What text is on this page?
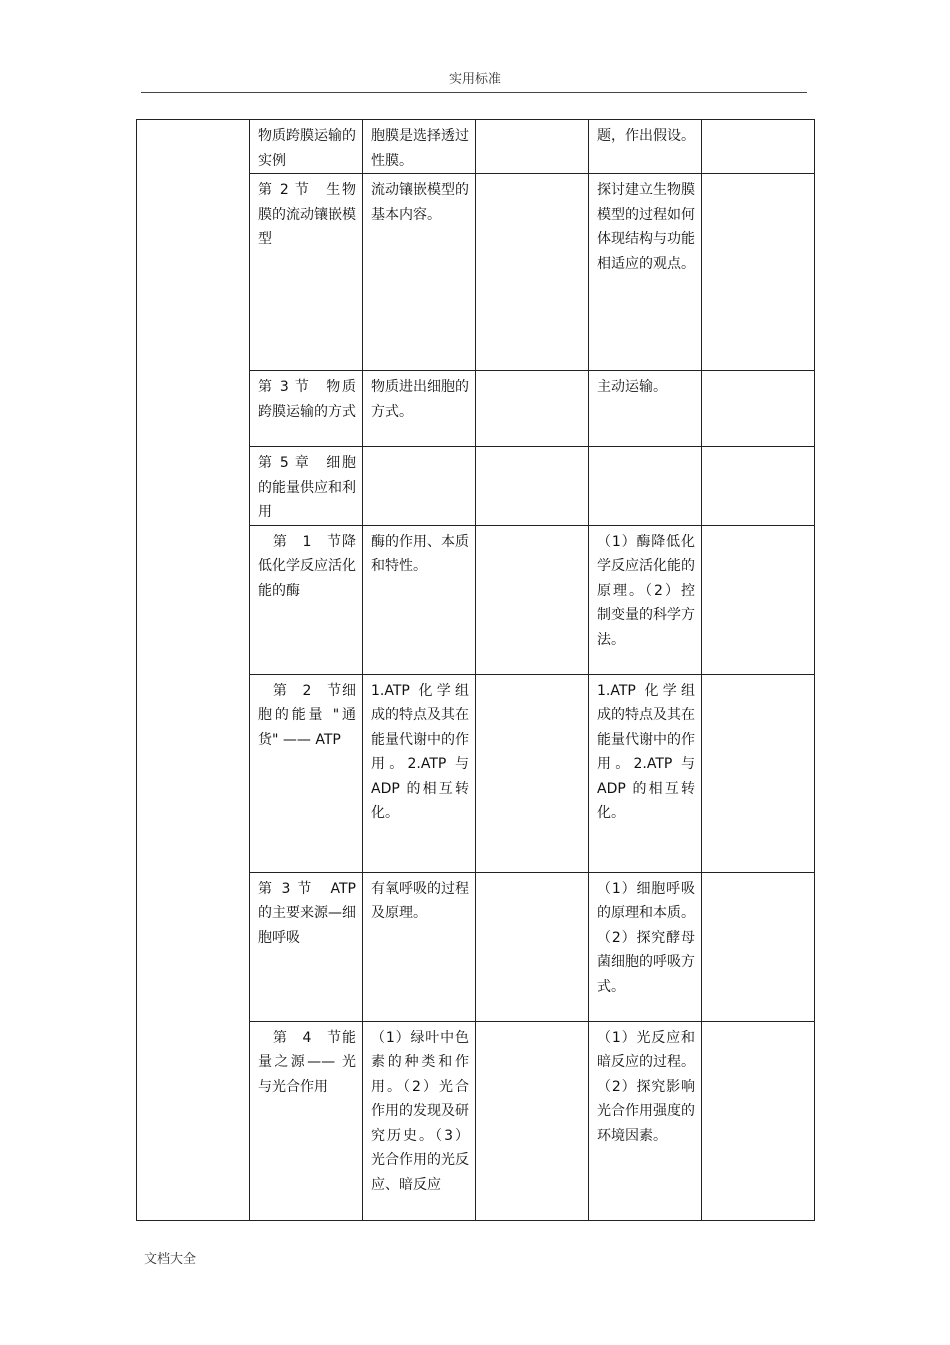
实用标准
	物质跨膜运输的实例	胞膜是选择透过性膜。		题，作出假设。	
	第 2 节　生物膜的流动镶嵌模型	流动镶嵌模型的基本内容。		探讨建立生物膜模型的过程如何体现结构与功能相适应的观点。	
	第 3 节　物质跨膜运输的方式	物质进出细胞的方式。		主动运输。	
	第 5 章　细胞的能量供应和利用				
	　第　1　节降低化学反应活化能的酶	酶的作用、本质和特性。		（1）酶降低化学反应活化能的原理。（2）控制变量的科学方法。	
	　第　2　节细胞的能量 "通货" —— ATP	1.ATP 化学组成的特点及其在能量代谢中的作用。2.ATP 与 ADP 的相互转化。		1.ATP 化学组成的特点及其在能量代谢中的作用。2.ATP 与 ADP 的相互转化。	
	第 3 节　ATP 的主要来源—细胞呼吸	有氧呼吸的过程及原理。		（1）细胞呼吸的原理和本质。（2）探究酵母菌细胞的呼吸方式。	
	　第　4　节能量之源—— 光与光合作用	（1）绿叶中色素的种类和作用。（2）光合作用的发现及研究历史。（3）光合作用的光反应、暗反应		（1）光反应和暗反应的过程。（2）探究影响光合作用强度的环境因素。	
文档大全
